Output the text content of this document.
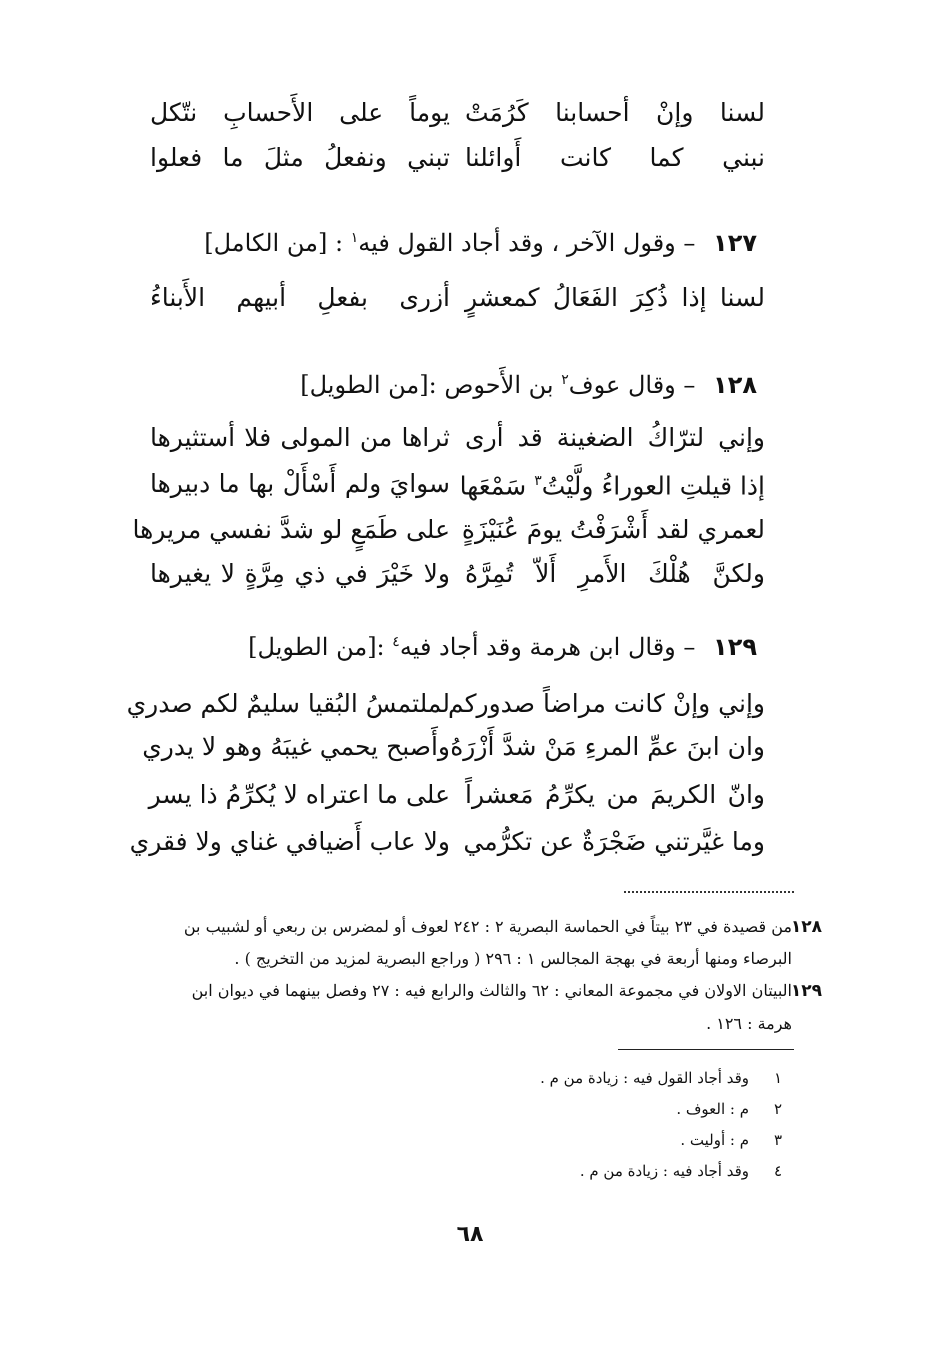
لسنا وإنْ أحسابنا كَرُمَتْ
يوماً على الأَحسابِ نتّكل
نبني كما كانت أَوائلنا
تبني ونفعلُ مثلَ ما فعلوا
١٢٧ – وقول الآخر ، وقد أجاد القول فيه$^١$ : [من الكامل]
لسنا إذا ذُكِرَ الفَعَالُ كمعشرٍ
أزرى بفعلِ أبيهم الأَبناءُ
١٢٨ – وقال عوف$^٢$ بن الأَحوص :[من الطويل]
وإني لترّاكُ الضغينة قد أرى
ثراها من المولى فلا أستثيرها
إذا قيلتِ العوراءُ ولَّيْتُ$^٣$ سَمْعَها
سوايَ ولم أَسْأَلْ بها ما دبيرها
لعمري لقد أَشْرَفْتُ يومَ عُنَيْزَةٍ
على طَمَعٍ لو شدَّ نفسي مريرها
ولكنَّ هُلْكَ الأَمرِ أَلاّ تُمِرَّهُ
ولا خَيْرَ في ذي مِرَّةٍ لا يغيرها
١٢٩ – وقال ابن هرمة وقد أجاد فيه$^٤$ :[من الطويل]
وإني وإنْ كانت مراضاً صدوركم
لملتمسُ البُقيا سليمٌ لكم صدري
وان ابنَ عمِّ المرءِ مَنْ شدَّ أَزْرَهُ
وأَصبح يحمي غيبَهُ وهو لا يدري
وانّ الكريمَ من يكرِّمُ مَعشراً
على ما اعتراه لا يُكرِّمُ ذا يسر
وما غيَّرتني ضَجْرَةٌ عن تكرُّمي
ولا عاب أَضيافي غناي ولا فقري
١٢٨
من قصيدة في ٢٣ بيتاً في الحماسة البصرية ٢ : ٢٤٢ لعوف أو لمضرس بن ربعي أو لشبيب بن
البرصاء ومنها أربعة في بهجة المجالس ١ : ٢٩٦ ( وراجع البصرية لمزيد من التخريج ) .
١٢٩
البيتان الاولان في مجموعة المعاني : ٦٢ والثالث والرابع فيه : ٢٧ وفصل بينهما في ديوان ابن
هرمة : ١٢٦ .
١
وقد أجاد القول فيه : زيادة من م .
٢
م : العوف .
٣
م : أوليت .
٤
وقد أجاد فيه : زيادة من م .
٦٨
